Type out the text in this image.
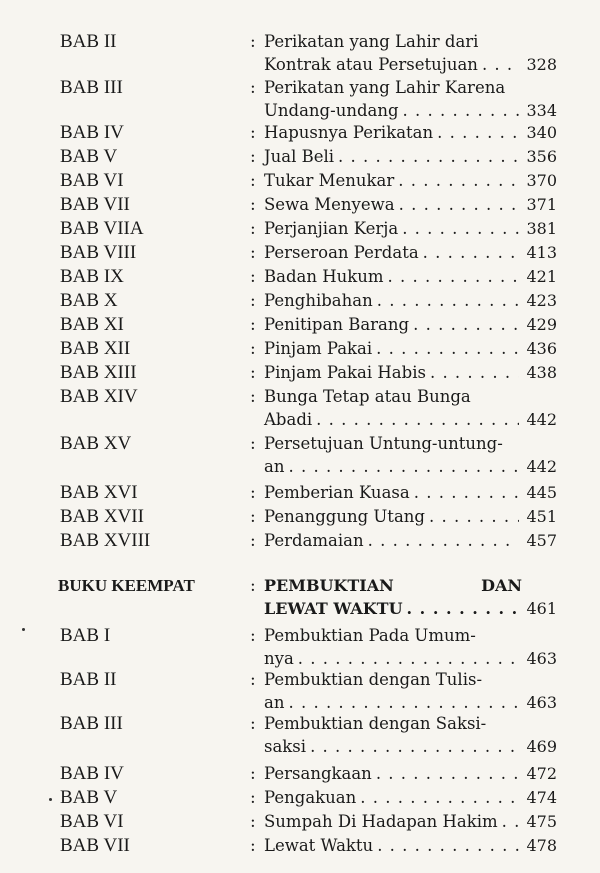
BAB II	: Perikatan yang Lahir dari
Kontrak atau Persetujuan . . .	328
BAB III	: Perikatan yang Lahir Karena
Undang-undang . . .	334
BAB IV	: Hapusnya Perikatan . . .	340
BAB V	: Jual Beli . . .	356
BAB VI	: Tukar Menukar . . .	370
BAB VII	: Sewa Menyewa . . .	371
BAB VIIA	: Perjanjian Kerja . . .	381
BAB VIII	: Perseroan Perdata . . .	413
BAB IX	: Badan Hukum . . .	421
BAB X	: Penghibahan . . .	423
BAB XI	: Penitipan Barang . . .	429
BAB XII	: Pinjam Pakai . . .	436
BAB XIII	: Pinjam Pakai Habis . . .	438
BAB XIV	: Bunga Tetap atau Bunga
Abadi . . .	442
BAB XV	: Persetujuan Untung-untung-
an . . .	442
BAB XVI	: Pemberian Kuasa . . .	445
BAB XVII	: Penanggung Utang . . .	451
BAB XVIII	: Perdamaian . . .	457
BUKU KEEMPAT	: PEMBUKTIAN	DAN
LEWAT WAKTU . . .	461
BAB I	: Pembuktian Pada Umum-
nya . . .	463
BAB II	: Pembuktian dengan Tulis-
an . . .	463
BAB III	: Pembuktian dengan Saksi-
saksi . . .	469
BAB IV	: Persangkaan . . .	472
BAB V	: Pengakuan . . .	474
BAB VI	: Sumpah Di Hadapan Hakim . . . 475
BAB VII	: Lewat Waktu . . .	478
